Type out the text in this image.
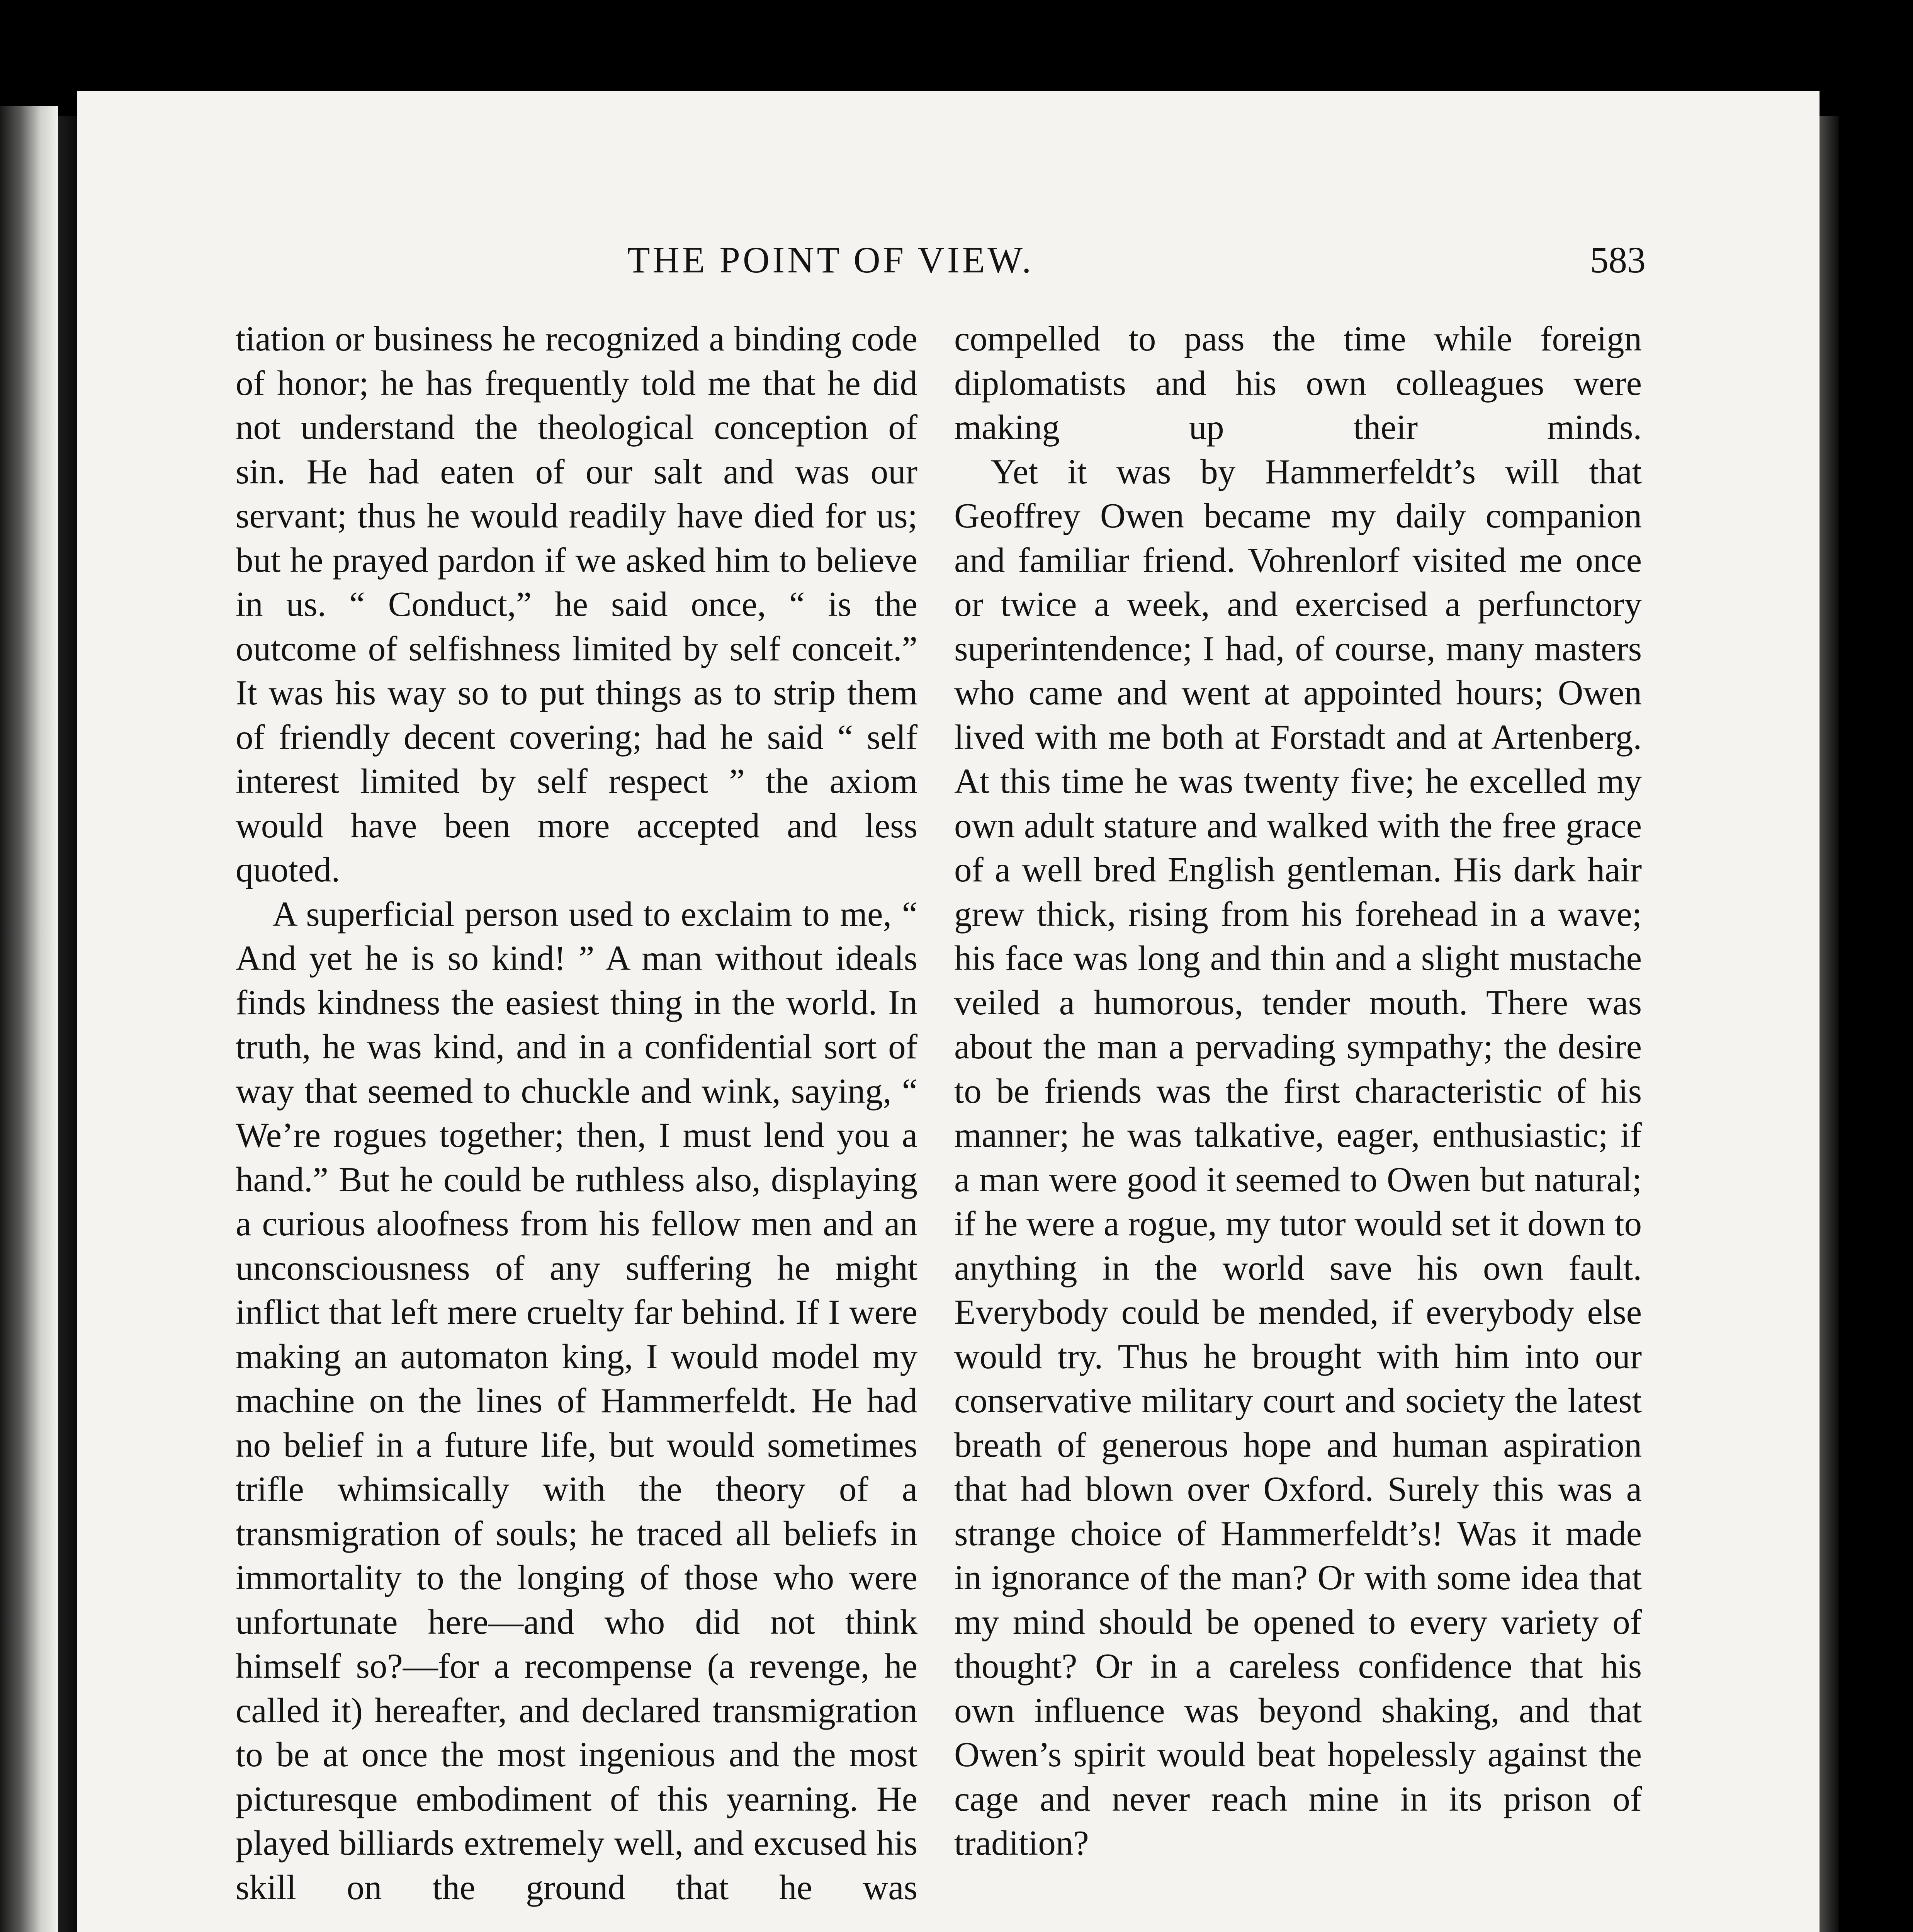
THE POINT OF VIEW.	583

tiation or business he recognized a binding code of honor; he has frequently told me that he did not understand the theological conception of sin. He had eaten of our salt and was our servant; thus he would readily have died for us; but he prayed pardon if we asked him to believe in us. “ Conduct,” he said once, “ is the outcome of selfishness limited by self conceit.” It was his way so to put things as to strip them of friendly decent covering; had he said “ self interest limited by self respect ” the axiom would have been more accepted and less quoted.

A superficial person used to exclaim to me, “ And yet he is so kind! ” A man without ideals finds kindness the easiest thing in the world. In truth, he was kind, and in a confidential sort of way that seemed to chuckle and wink, saying, “ We’re rogues together; then, I must lend you a hand.” But he could be ruthless also, displaying a curious aloofness from his fellow men and an unconsciousness of any suffering he might inflict that left mere cruelty far behind. If I were making an automaton king, I would model my machine on the lines of Hammerfeldt. He had no belief in a future life, but would sometimes trifle whimsically with the theory of a transmigration of souls; he traced all beliefs in immortality to the longing of those who were unfortunate here—and who did not think himself so?—for a recompense (a revenge, he called it) hereafter, and declared transmigration to be at once the most ingenious and the most picturesque embodiment of this yearning. He played billiards extremely well, and excused his skill on the ground that he was

compelled to pass the time while foreign diplomatists and his own colleagues were making up their minds.

Yet it was by Hammerfeldt’s will that Geoffrey Owen became my daily companion and familiar friend. Vohrenlorf visited me once or twice a week, and exercised a perfunctory superintendence; I had, of course, many masters who came and went at appointed hours; Owen lived with me both at Forstadt and at Artenberg. At this time he was twenty five; he excelled my own adult stature and walked with the free grace of a well bred English gentleman. His dark hair grew thick, rising from his forehead in a wave; his face was long and thin and a slight mustache veiled a humorous, tender mouth. There was about the man a pervading sympathy; the desire to be friends was the first characteristic of his manner; he was talkative, eager, enthusiastic; if a man were good it seemed to Owen but natural; if he were a rogue, my tutor would set it down to anything in the world save his own fault. Everybody could be mended, if everybody else would try. Thus he brought with him into our conservative military court and society the latest breath of generous hope and human aspiration that had blown over Oxford. Surely this was a strange choice of Hammerfeldt’s! Was it made in ignorance of the man? Or with some idea that my mind should be opened to every variety of thought? Or in a careless confidence that his own influence was beyond shaking, and that Owen’s spirit would beat hopelessly against the cage and never reach mine in its prison of tradition?
